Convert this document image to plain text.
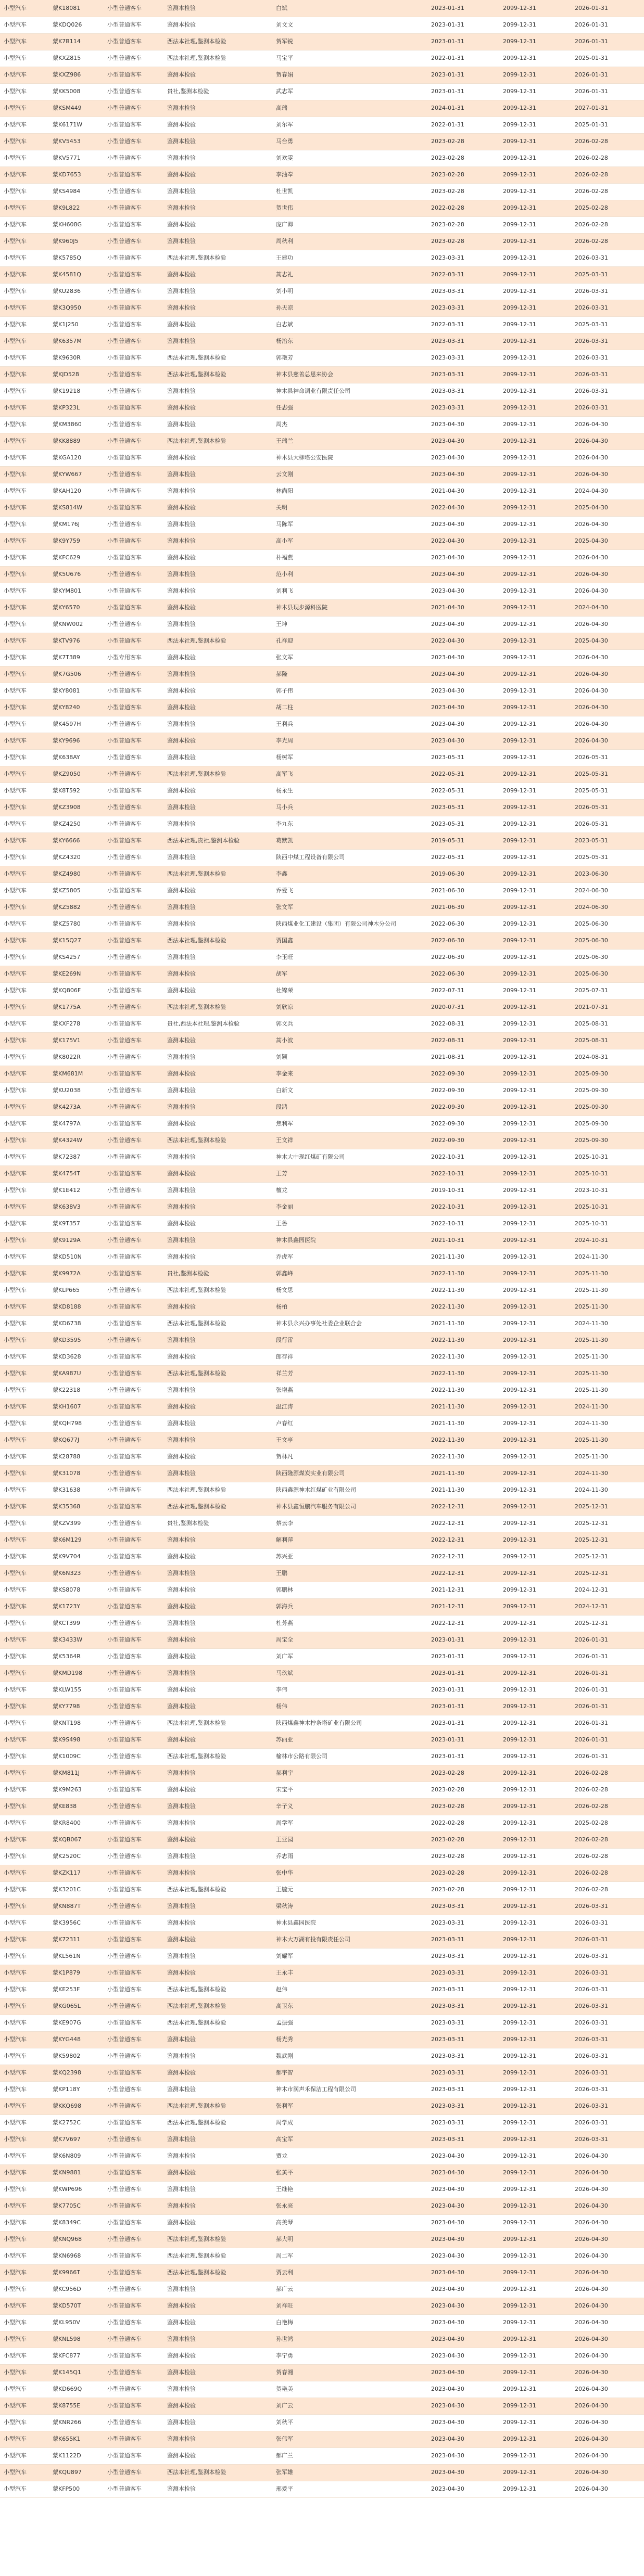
小型汽车	蒙K18081	小型普通客车	鉴测本检验	白斌	2023-01-31	2099-12-31	2026-01-31
小型汽车	蒙KDQ026	小型普通客车	鉴测本检验	刘文文	2023-01-31	2099-12-31	2026-01-31
小型汽车	蒙K7B114	小型普通客车	西法本社理,鉴测本检验	贺军锐	2023-01-31	2099-12-31	2026-01-31
小型汽车	蒙KXZ815	小型普通客车	西法本社理,鉴测本检验	马宝平	2022-01-31	2099-12-31	2025-01-31
小型汽车	蒙KXZ986	小型普通客车	鉴测本检验	贺春娟	2023-01-31	2099-12-31	2026-01-31
小型汽车	蒙KK5008	小型普通客车	贵社,鉴测本检验	武志军	2023-01-31	2099-12-31	2026-01-31
小型汽车	蒙KSM449	小型普通客车	鉴测本检验	高瑞	2024-01-31	2099-12-31	2027-01-31
小型汽车	蒙K6171W	小型普通客车	鉴测本检验	刘尔军	2022-01-31	2099-12-31	2025-01-31
小型汽车	蒙KV5453	小型普通客车	鉴测本检验	马台勇	2023-02-28	2099-12-31	2026-02-28
小型汽车	蒙KV5771	小型普通客车	鉴测本检验	刘欢雯	2023-02-28	2099-12-31	2026-02-28
小型汽车	蒙KD7653	小型普通客车	鉴测本检验	李油奉	2023-02-28	2099-12-31	2026-02-28
小型汽车	蒙KS4984	小型普通客车	鉴测本检验	杜世凯	2023-02-28	2099-12-31	2026-02-28
小型汽车	蒙K9L822	小型普通客车	鉴测本检验	贺世伟	2022-02-28	2099-12-31	2025-02-28
小型汽车	蒙KH608G	小型普通客车	鉴测本检验	庞广卿	2023-02-28	2099-12-31	2026-02-28
小型汽车	蒙K960J5	小型普通客车	鉴测本检验	周秋利	2023-02-28	2099-12-31	2026-02-28
小型汽车	蒙K5785Q	小型普通客车	西法本社理,鉴测本检验	王建功	2023-03-31	2099-12-31	2026-03-31
小型汽车	蒙K4581Q	小型普通客车	鉴测本检验	蒿志礼	2022-03-31	2099-12-31	2025-03-31
小型汽车	蒙KU2836	小型普通客车	鉴测本检验	刘小明	2023-03-31	2099-12-31	2026-03-31
小型汽车	蒙K3Q950	小型普通客车	鉴测本检验	孙天凉	2023-03-31	2099-12-31	2026-03-31
小型汽车	蒙K1J250	小型普通客车	鉴测本检验	白志斌	2022-03-31	2099-12-31	2025-03-31
小型汽车	蒙K6357M	小型普通客车	鉴测本检验	杨治东	2023-03-31	2099-12-31	2026-03-31
小型汽车	蒙K9630R	小型普通客车	西法本社理,鉴测本检验	郭艳芳	2023-03-31	2099-12-31	2026-03-31
小型汽车	蒙KJD528	小型普通客车	西法本社理,鉴测本检验	神木县慈善总恩来协会	2023-03-31	2099-12-31	2026-03-31
小型汽车	蒙K19218	小型普通客车	鉴测本检验	神木县神命调业有限责任公司	2023-03-31	2099-12-31	2026-03-31
小型汽车	蒙KP323L	小型普通客车	鉴测本检验	任志强	2023-03-31	2099-12-31	2026-03-31
小型汽车	蒙KM3860	小型普通客车	鉴测本检验	周杰	2023-04-30	2099-12-31	2026-04-30
小型汽车	蒙KK8889	小型普通客车	西法本社理,鉴测本检验	王瑞兰	2023-04-30	2099-12-31	2026-04-30
小型汽车	蒙KGA120	小型普通客车	鉴测本检验	神木县大柳塔公安医院	2023-04-30	2099-12-31	2026-04-30
小型汽车	蒙KYW667	小型普通客车	鉴测本检验	云文刚	2023-04-30	2099-12-31	2026-04-30
小型汽车	蒙KAH120	小型普通客车	鉴测本检验	林尚阳	2021-04-30	2099-12-31	2024-04-30
小型汽车	蒙KS814W	小型普通客车	鉴测本检验	关明	2022-04-30	2099-12-31	2025-04-30
小型汽车	蒙KM176J	小型普通客车	鉴测本检验	马陈军	2023-04-30	2099-12-31	2026-04-30
小型汽车	蒙K9Y759	小型普通客车	鉴测本检验	高小军	2022-04-30	2099-12-31	2025-04-30
小型汽车	蒙KFC629	小型普通客车	鉴测本检验	朴福燕	2023-04-30	2099-12-31	2026-04-30
小型汽车	蒙K5U676	小型普通客车	鉴测本检验	范小利	2023-04-30	2099-12-31	2026-04-30
小型汽车	蒙KYM801	小型普通客车	鉴测本检验	刘利飞	2023-04-30	2099-12-31	2026-04-30
小型汽车	蒙KY6570	小型普通客车	鉴测本检验	神木县现步源科医院	2021-04-30	2099-12-31	2024-04-30
小型汽车	蒙KNW002	小型普通客车	鉴测本检验	王坤	2023-04-30	2099-12-31	2026-04-30
小型汽车	蒙KTV976	小型普通客车	西法本社理,鉴测本检验	孔祥迎	2022-04-30	2099-12-31	2025-04-30
小型汽车	蒙K7T389	小型专用客车	鉴测本检验	张文军	2023-04-30	2099-12-31	2026-04-30
小型汽车	蒙K7G506	小型普通客车	鉴测本检验	郝隆	2023-04-30	2099-12-31	2026-04-30
小型汽车	蒙KY8081	小型普通客车	鉴测本检验	郭子伟	2023-04-30	2099-12-31	2026-04-30
小型汽车	蒙KY8240	小型普通客车	鉴测本检验	胡二柱	2023-04-30	2099-12-31	2026-04-30
小型汽车	蒙K4597H	小型普通客车	鉴测本检验	王利兵	2023-04-30	2099-12-31	2026-04-30
小型汽车	蒙KY9696	小型普通客车	鉴测本检验	李光周	2023-04-30	2099-12-31	2026-04-30
小型汽车	蒙K638AY	小型普通客车	鉴测本检验	杨树军	2023-05-31	2099-12-31	2026-05-31
小型汽车	蒙KZ9050	小型普通客车	西法本社理,鉴测本检验	高军飞	2022-05-31	2099-12-31	2025-05-31
小型汽车	蒙K8T592	小型普通客车	鉴测本检验	杨永生	2022-05-31	2099-12-31	2025-05-31
小型汽车	蒙KZ3908	小型普通客车	鉴测本检验	马小兵	2023-05-31	2099-12-31	2026-05-31
小型汽车	蒙KZ4250	小型普通客车	鉴测本检验	李九东	2023-05-31	2099-12-31	2026-05-31
小型汽车	蒙KY6666	小型普通客车	西法本社理,贵社,鉴测本检验	葛默凯	2019-05-31	2099-12-31	2023-05-31
小型汽车	蒙KZ4320	小型普通客车	鉴测本检验	陕西中煤工程设备有限公司	2022-05-31	2099-12-31	2025-05-31
小型汽车	蒙KZ4980	小型普通客车	西法本社理,鉴测本检验	李鑫	2019-06-30	2099-12-31	2023-06-30
小型汽车	蒙KZ5805	小型普通客车	鉴测本检验	乔爱飞	2021-06-30	2099-12-31	2024-06-30
小型汽车	蒙KZ5882	小型普通客车	鉴测本检验	张文军	2021-06-30	2099-12-31	2024-06-30
小型汽车	蒙KZ5780	小型普通客车	鉴测本检验	陕西煤业化工建设（集团）有限公司神木分公司	2022-06-30	2099-12-31	2025-06-30
小型汽车	蒙K15Q27	小型普通客车	西法本社理,鉴测本检验	贾国鑫	2022-06-30	2099-12-31	2025-06-30
小型汽车	蒙KS4257	小型普通客车	鉴测本检验	李玉旺	2022-06-30	2099-12-31	2025-06-30
小型汽车	蒙KE269N	小型普通客车	鉴测本检验	胡军	2022-06-30	2099-12-31	2025-06-30
小型汽车	蒙KQ806F	小型普通客车	鉴测本检验	杜锦荣	2022-07-31	2099-12-31	2025-07-31
小型汽车	蒙K1775A	小型普通客车	西法本社理,鉴测本检验	刘欣凉	2020-07-31	2099-12-31	2021-07-31
小型汽车	蒙KXF278	小型普通客车	贵社,西法本社理,鉴测本检验	郭文兵	2022-08-31	2099-12-31	2025-08-31
小型汽车	蒙K175V1	小型普通客车	鉴测本检验	蒿小波	2022-08-31	2099-12-31	2025-08-31
小型汽车	蒙K8022R	小型普通客车	鉴测本检验	刘颖	2021-08-31	2099-12-31	2024-08-31
小型汽车	蒙KM681M	小型普通客车	鉴测本检验	李金来	2022-09-30	2099-12-31	2025-09-30
小型汽车	蒙KU2038	小型普通客车	鉴测本检验	白新文	2022-09-30	2099-12-31	2025-09-30
小型汽车	蒙K4273A	小型普通客车	鉴测本检验	段鸿	2022-09-30	2099-12-31	2025-09-30
小型汽车	蒙K4797A	小型普通客车	鉴测本检验	焦利军	2022-09-30	2099-12-31	2025-09-30
小型汽车	蒙K4324W	小型普通客车	西法本社理,鉴测本检验	王文祥	2022-09-30	2099-12-31	2025-09-30
小型汽车	蒙K72387	小型普通客车	鉴测本检验	神木大中现红煤矿有限公司	2022-10-31	2099-12-31	2025-10-31
小型汽车	蒙K4754T	小型普通客车	鉴测本检验	王芳	2022-10-31	2099-12-31	2025-10-31
小型汽车	蒙K1E412	小型普通客车	鉴测本检验	檀龙	2019-10-31	2099-12-31	2023-10-31
小型汽车	蒙K638V3	小型普通客车	鉴测本检验	李金丽	2022-10-31	2099-12-31	2025-10-31
小型汽车	蒙K9T357	小型普通客车	鉴测本检验	王鲁	2022-10-31	2099-12-31	2025-10-31
小型汽车	蒙K9129A	小型普通客车	鉴测本检验	神木县鑫园医院	2021-10-31	2099-12-31	2024-10-31
小型汽车	蒙KD510N	小型普通客车	鉴测本检验	乔虎军	2021-11-30	2099-12-31	2024-11-30
小型汽车	蒙K9972A	小型普通客车	贵社,鉴测本检验	郭鑫峰	2022-11-30	2099-12-31	2025-11-30
小型汽车	蒙KLP665	小型普通客车	西法本社理,鉴测本检验	杨文思	2022-11-30	2099-12-31	2025-11-30
小型汽车	蒙KD8188	小型普通客车	鉴测本检验	杨柏	2022-11-30	2099-12-31	2025-11-30
小型汽车	蒙KD6738	小型普通客车	西法本社理,鉴测本检验	神木县永兴办事处社委企业联合会	2021-11-30	2099-12-31	2024-11-30
小型汽车	蒙KD3595	小型普通客车	鉴测本检验	段行雷	2022-11-30	2099-12-31	2025-11-30
小型汽车	蒙KD3628	小型普通客车	鉴测本检验	郎存祥	2022-11-30	2099-12-31	2025-11-30
小型汽车	蒙KA987U	小型普通客车	西法本社理,鉴测本检验	祥兰芳	2022-11-30	2099-12-31	2025-11-30
小型汽车	蒙K22318	小型普通客车	鉴测本检验	张增燕	2022-11-30	2099-12-31	2025-11-30
小型汽车	蒙KH1607	小型普通客车	鉴测本检验	温江涛	2021-11-30	2099-12-31	2024-11-30
小型汽车	蒙KQH798	小型普通客车	鉴测本检验	卢春红	2021-11-30	2099-12-31	2024-11-30
小型汽车	蒙KQ677J	小型普通客车	鉴测本检验	王文亭	2022-11-30	2099-12-31	2025-11-30
小型汽车	蒙K28788	小型普通客车	鉴测本检验	贺林凡	2022-11-30	2099-12-31	2025-11-30
小型汽车	蒙K31078	小型普通客车	鉴测本检验	陕西隆源煤炭实业有限公司	2021-11-30	2099-12-31	2024-11-30
小型汽车	蒙K31638	小型普通客车	西法本社理,鉴测本检验	陕西鑫源神木红煤矿业有限公司	2021-11-30	2099-12-31	2024-11-30
小型汽车	蒙K35368	小型普通客车	西法本社理,鉴测本检验	神木县鑫恒鹏汽车服务有限公司	2022-12-31	2099-12-31	2025-12-31
小型汽车	蒙KZV399	小型普通客车	贵社,鉴测本检验	蔡云李	2022-12-31	2099-12-31	2025-12-31
小型汽车	蒙K6M129	小型普通客车	鉴测本检验	解利萍	2022-12-31	2099-12-31	2025-12-31
小型汽车	蒙K9V704	小型普通客车	鉴测本检验	苏兴亚	2022-12-31	2099-12-31	2025-12-31
小型汽车	蒙K6N323	小型普通客车	鉴测本检验	王鹏	2022-12-31	2099-12-31	2025-12-31
小型汽车	蒙KS8078	小型普通客车	鉴测本检验	郭鹏林	2021-12-31	2099-12-31	2024-12-31
小型汽车	蒙K1723Y	小型普通客车	鉴测本检验	郭海兵	2021-12-31	2099-12-31	2024-12-31
小型汽车	蒙KCT399	小型普通客车	鉴测本检验	杜芳燕	2022-12-31	2099-12-31	2025-12-31
小型汽车	蒙K3433W	小型普通客车	鉴测本检验	周宝全	2023-01-31	2099-12-31	2026-01-31
小型汽车	蒙K5364R	小型普通客车	鉴测本检验	刘广军	2023-01-31	2099-12-31	2026-01-31
小型汽车	蒙KMD198	小型普通客车	鉴测本检验	马玖斌	2023-01-31	2099-12-31	2026-01-31
小型汽车	蒙KLW155	小型普通客车	鉴测本检验	李伟	2023-01-31	2099-12-31	2026-01-31
小型汽车	蒙KY7798	小型普通客车	鉴测本检验	杨伟	2023-01-31	2099-12-31	2026-01-31
小型汽车	蒙KNT198	小型普通客车	西法本社理,鉴测本检验	陕西煤鑫神木柠条塔矿业有限公司	2023-01-31	2099-12-31	2026-01-31
小型汽车	蒙K9S498	小型普通客车	鉴测本检验	苏丽亚	2023-01-31	2099-12-31	2026-01-31
小型汽车	蒙K1009C	小型普通客车	西法本社理,鉴测本检验	榆林市公路有限公司	2023-01-31	2099-12-31	2026-01-31
小型汽车	蒙KM811J	小型普通客车	鉴测本检验	郝利宇	2023-02-28	2099-12-31	2026-02-28
小型汽车	蒙K9M263	小型普通客车	鉴测本检验	宋宝平	2023-02-28	2099-12-31	2026-02-28
小型汽车	蒙KE838	小型普通客车	鉴测本检验	辛子义	2023-02-28	2099-12-31	2026-02-28
小型汽车	蒙KR8400	小型普通客车	鉴测本检验	周学军	2022-02-28	2099-12-31	2025-02-28
小型汽车	蒙KQB067	小型普通客车	鉴测本检验	王亚园	2023-02-28	2099-12-31	2026-02-28
小型汽车	蒙K2520C	小型普通客车	鉴测本检验	乔志雨	2023-02-28	2099-12-31	2026-02-28
小型汽车	蒙KZK117	小型普通客车	鉴测本检验	张中华	2023-02-28	2099-12-31	2026-02-28
小型汽车	蒙K3201C	小型普通客车	西法本社理,鉴测本检验	王毓元	2023-02-28	2099-12-31	2026-02-28
小型汽车	蒙KN887T	小型普通客车	鉴测本检验	梁秋涛	2023-03-31	2099-12-31	2026-03-31
小型汽车	蒙K3956C	小型普通客车	鉴测本检验	神木县鑫园医院	2023-03-31	2099-12-31	2026-03-31
小型汽车	蒙K72311	小型普通客车	鉴测本检验	神木大万湖有投有限责任公司	2023-03-31	2099-12-31	2026-03-31
小型汽车	蒙KL561N	小型普通客车	鉴测本检验	刘耀军	2023-03-31	2099-12-31	2026-03-31
小型汽车	蒙K1P879	小型普通客车	鉴测本检验	王永丰	2023-03-31	2099-12-31	2026-03-31
小型汽车	蒙KE253F	小型普通客车	西法本社理,鉴测本检验	赵伟	2023-03-31	2099-12-31	2026-03-31
小型汽车	蒙KG065L	小型普通客车	西法本社理,鉴测本检验	高卫东	2023-03-31	2099-12-31	2026-03-31
小型汽车	蒙KE907G	小型普通客车	西法本社理,鉴测本检验	孟振强	2023-03-31	2099-12-31	2026-03-31
小型汽车	蒙KYG448	小型普通客车	鉴测本检验	杨光秀	2023-03-31	2099-12-31	2026-03-31
小型汽车	蒙K59802	小型普通客车	鉴测本检验	魏武刚	2023-03-31	2099-12-31	2026-03-31
小型汽车	蒙KQ2398	小型普通客车	鉴测本检验	郝宇智	2023-03-31	2099-12-31	2026-03-31
小型汽车	蒙KP118Y	小型普通客车	鉴测本检验	神木市润声禾保洁工程有限公司	2023-03-31	2099-12-31	2026-03-31
小型汽车	蒙KKQ698	小型普通客车	西法本社理,鉴测本检验	张利军	2023-03-31	2099-12-31	2026-03-31
小型汽车	蒙K2752C	小型普通客车	西法本社理,鉴测本检验	周学成	2023-03-31	2099-12-31	2026-03-31
小型汽车	蒙K7V697	小型普通客车	鉴测本检验	高宝军	2023-03-31	2099-12-31	2026-03-31
小型汽车	蒙K6N809	小型普通客车	鉴测本检验	贾龙	2023-04-30	2099-12-31	2026-04-30
小型汽车	蒙KN9881	小型普通客车	鉴测本检验	张黄平	2023-04-30	2099-12-31	2026-04-30
小型汽车	蒙KWP696	小型普通客车	鉴测本检验	王继艳	2023-04-30	2099-12-31	2026-04-30
小型汽车	蒙K7705C	小型普通客车	鉴测本检验	张永亮	2023-04-30	2099-12-31	2026-04-30
小型汽车	蒙K8349C	小型普通客车	鉴测本检验	高美琴	2023-04-30	2099-12-31	2026-04-30
小型汽车	蒙KNQ968	小型普通客车	西法本社理,鉴测本检验	郝大明	2023-04-30	2099-12-31	2026-04-30
小型汽车	蒙KN6968	小型普通客车	西法本社理,鉴测本检验	周二军	2023-04-30	2099-12-31	2026-04-30
小型汽车	蒙K9966T	小型普通客车	西法本社理,鉴测本检验	贾云利	2023-04-30	2099-12-31	2026-04-30
小型汽车	蒙KC956D	小型普通客车	鉴测本检验	郝广云	2023-04-30	2099-12-31	2026-04-30
小型汽车	蒙KD570T	小型普通客车	鉴测本检验	刘祥旺	2023-04-30	2099-12-31	2026-04-30
小型汽车	蒙KL950V	小型普通客车	鉴测本检验	白艳梅	2023-04-30	2099-12-31	2026-04-30
小型汽车	蒙KNL598	小型普通客车	鉴测本检验	孙世鸿	2023-04-30	2099-12-31	2026-04-30
小型汽车	蒙KFC877	小型普通客车	鉴测本检验	李宁勇	2023-04-30	2099-12-31	2026-04-30
小型汽车	蒙K145Q1	小型普通客车	鉴测本检验	贺春湘	2023-04-30	2099-12-31	2026-04-30
小型汽车	蒙KD669Q	小型普通客车	鉴测本检验	贺艳美	2023-04-30	2099-12-31	2026-04-30
小型汽车	蒙K8755E	小型普通客车	鉴测本检验	刘广云	2023-04-30	2099-12-31	2026-04-30
小型汽车	蒙KNR266	小型普通客车	鉴测本检验	刘秋平	2023-04-30	2099-12-31	2026-04-30
小型汽车	蒙K655K1	小型普通客车	鉴测本检验	张伟军	2023-04-30	2099-12-31	2026-04-30
小型汽车	蒙K1122D	小型普通客车	鉴测本检验	郝广兰	2023-04-30	2099-12-31	2026-04-30
小型汽车	蒙KQU897	小型普通客车	西法本社理,鉴测本检验	张军雄	2023-04-30	2099-12-31	2026-04-30
小型汽车	蒙KFP500	小型普通客车	鉴测本检验	邢爱平	2023-04-30	2099-12-31	2026-04-30
